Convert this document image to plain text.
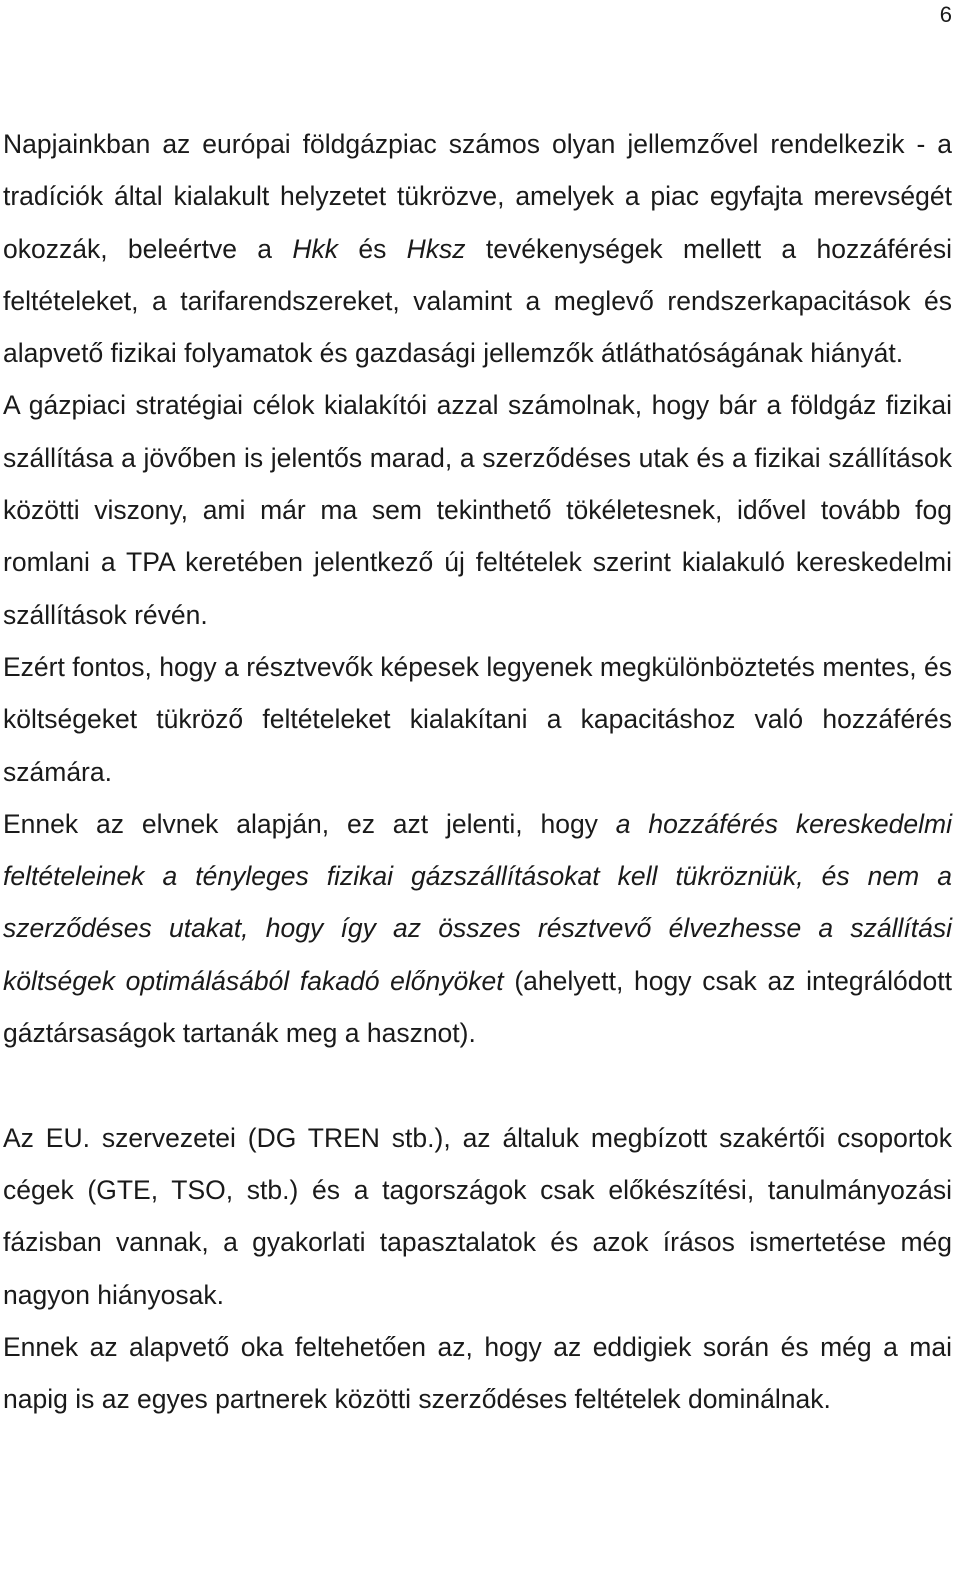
6

Napjainkban az európai földgázpiac számos olyan jellemzővel rendelkezik - a tradíciók által kialakult helyzetet tükrözve, amelyek a piac egyfajta merevségét okozzák, beleértve a Hkk és Hksz tevékenységek mellett a hozzáférési feltételeket, a tarifarendszereket, valamint a meglevő rendszerkapacitások és alapvető fizikai folyamatok és gazdasági jellemzők átláthatóságának hiányát.

A gázpiaci stratégiai célok kialakítói azzal számolnak, hogy bár a földgáz fizikai szállítása a jövőben is jelentős marad, a szerződéses utak és a fizikai szállítások közötti viszony, ami már ma sem tekinthető tökéletesnek, idővel tovább fog romlani a TPA keretében jelentkező új feltételek szerint kialakuló kereskedelmi szállítások révén.

Ezért fontos, hogy a résztvevők képesek legyenek megkülönböztetés mentes, és költségeket tükröző feltételeket kialakítani a kapacitáshoz való hozzáférés számára.

Ennek az elvnek alapján, ez azt jelenti, hogy a hozzáférés kereskedelmi feltételeinek a tényleges fizikai gázszállításokat kell tükrözniük, és nem a szerződéses utakat, hogy így az összes résztvevő élvezhesse a szállítási költségek optimálásából fakadó előnyöket (ahelyett, hogy csak az integrálódott gáztársaságok tartanák meg a hasznot).

Az EU. szervezetei (DG TREN stb.), az általuk megbízott szakértői csoportok cégek (GTE, TSO, stb.) és a tagországok csak előkészítési, tanulmányozási fázisban vannak, a gyakorlati tapasztalatok és azok írásos ismertetése még nagyon hiányosak.

Ennek az alapvető oka feltehetően az, hogy az eddigiek során és még a mai napig is az egyes partnerek közötti szerződéses feltételek dominálnak.
